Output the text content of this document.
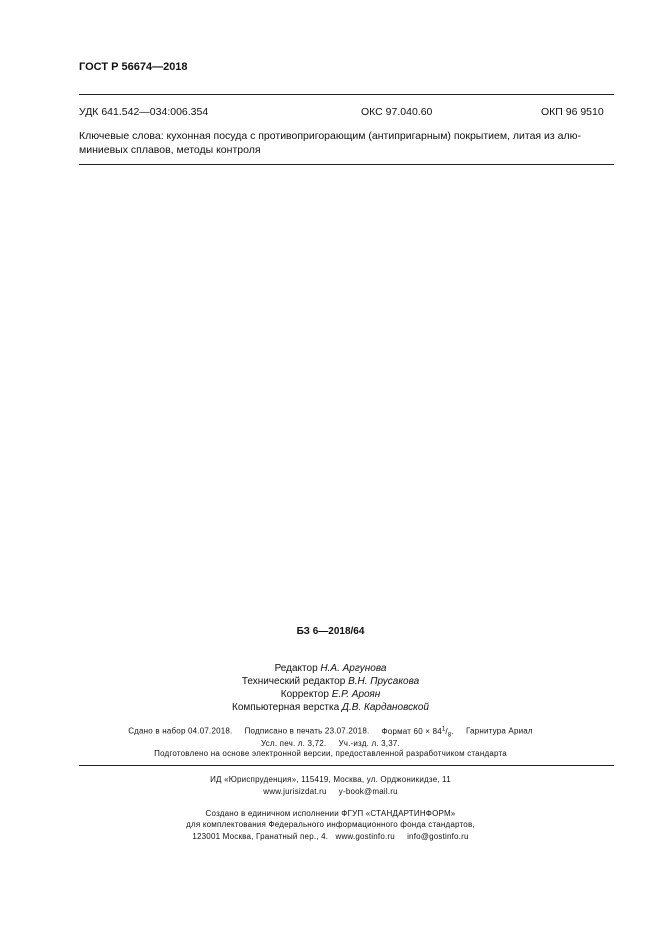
ГОСТ Р 56674—2018
УДК 641.542—034:006.354	ОКС 97.040.60	ОКП 96 9510
Ключевые слова: кухонная посуда с противопригорающим (антипригарным) покрытием, литая из алю-
миниевых сплавов, методы контроля
БЗ 6—2018/64
Редактор Н.А. Аргунова
Технический редактор В.Н. Прусакова
Корректор Е.Р. Ароян
Компьютерная верстка Д.В. Кардановской
Сдано в набор 04.07.2018. Подписано в печать 23.07.2018. Формат $60 \times 84^1/_8$. Гарнитура Ариал
Усл. печ. л. 3,72. Уч.-изд. л. 3,37.
Подготовлено на основе электронной версии, предоставленной разработчиком стандарта
ИД «Юриспруденция», 115419, Москва, ул. Орджоникидзе, 11
www.jurisizdat.ru y-book@mail.ru
Создано в единичном исполнении ФГУП «СТАНДАРТИНФОРМ»
для комплектования Федерального информационного фонда стандартов,
123001 Москва, Гранатный пер., 4. www.gostinfo.ru info@gostinfo.ru
